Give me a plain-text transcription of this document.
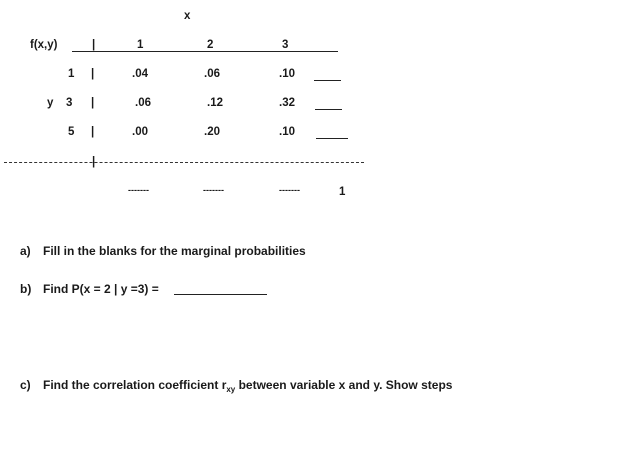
x
f(x,y)	|	1	2	3
y
1 |	.04	.06	.10
3 |	.06	.12	.32
5 |	.00	.20	.10
|
-------	-------	-------	1
a) Fill in the blanks for the marginal probabilities
b) Find P(x = 2 | y =3) =
c) Find the correlation coefficient $r_{xy}$ between variable x and y. Show steps
